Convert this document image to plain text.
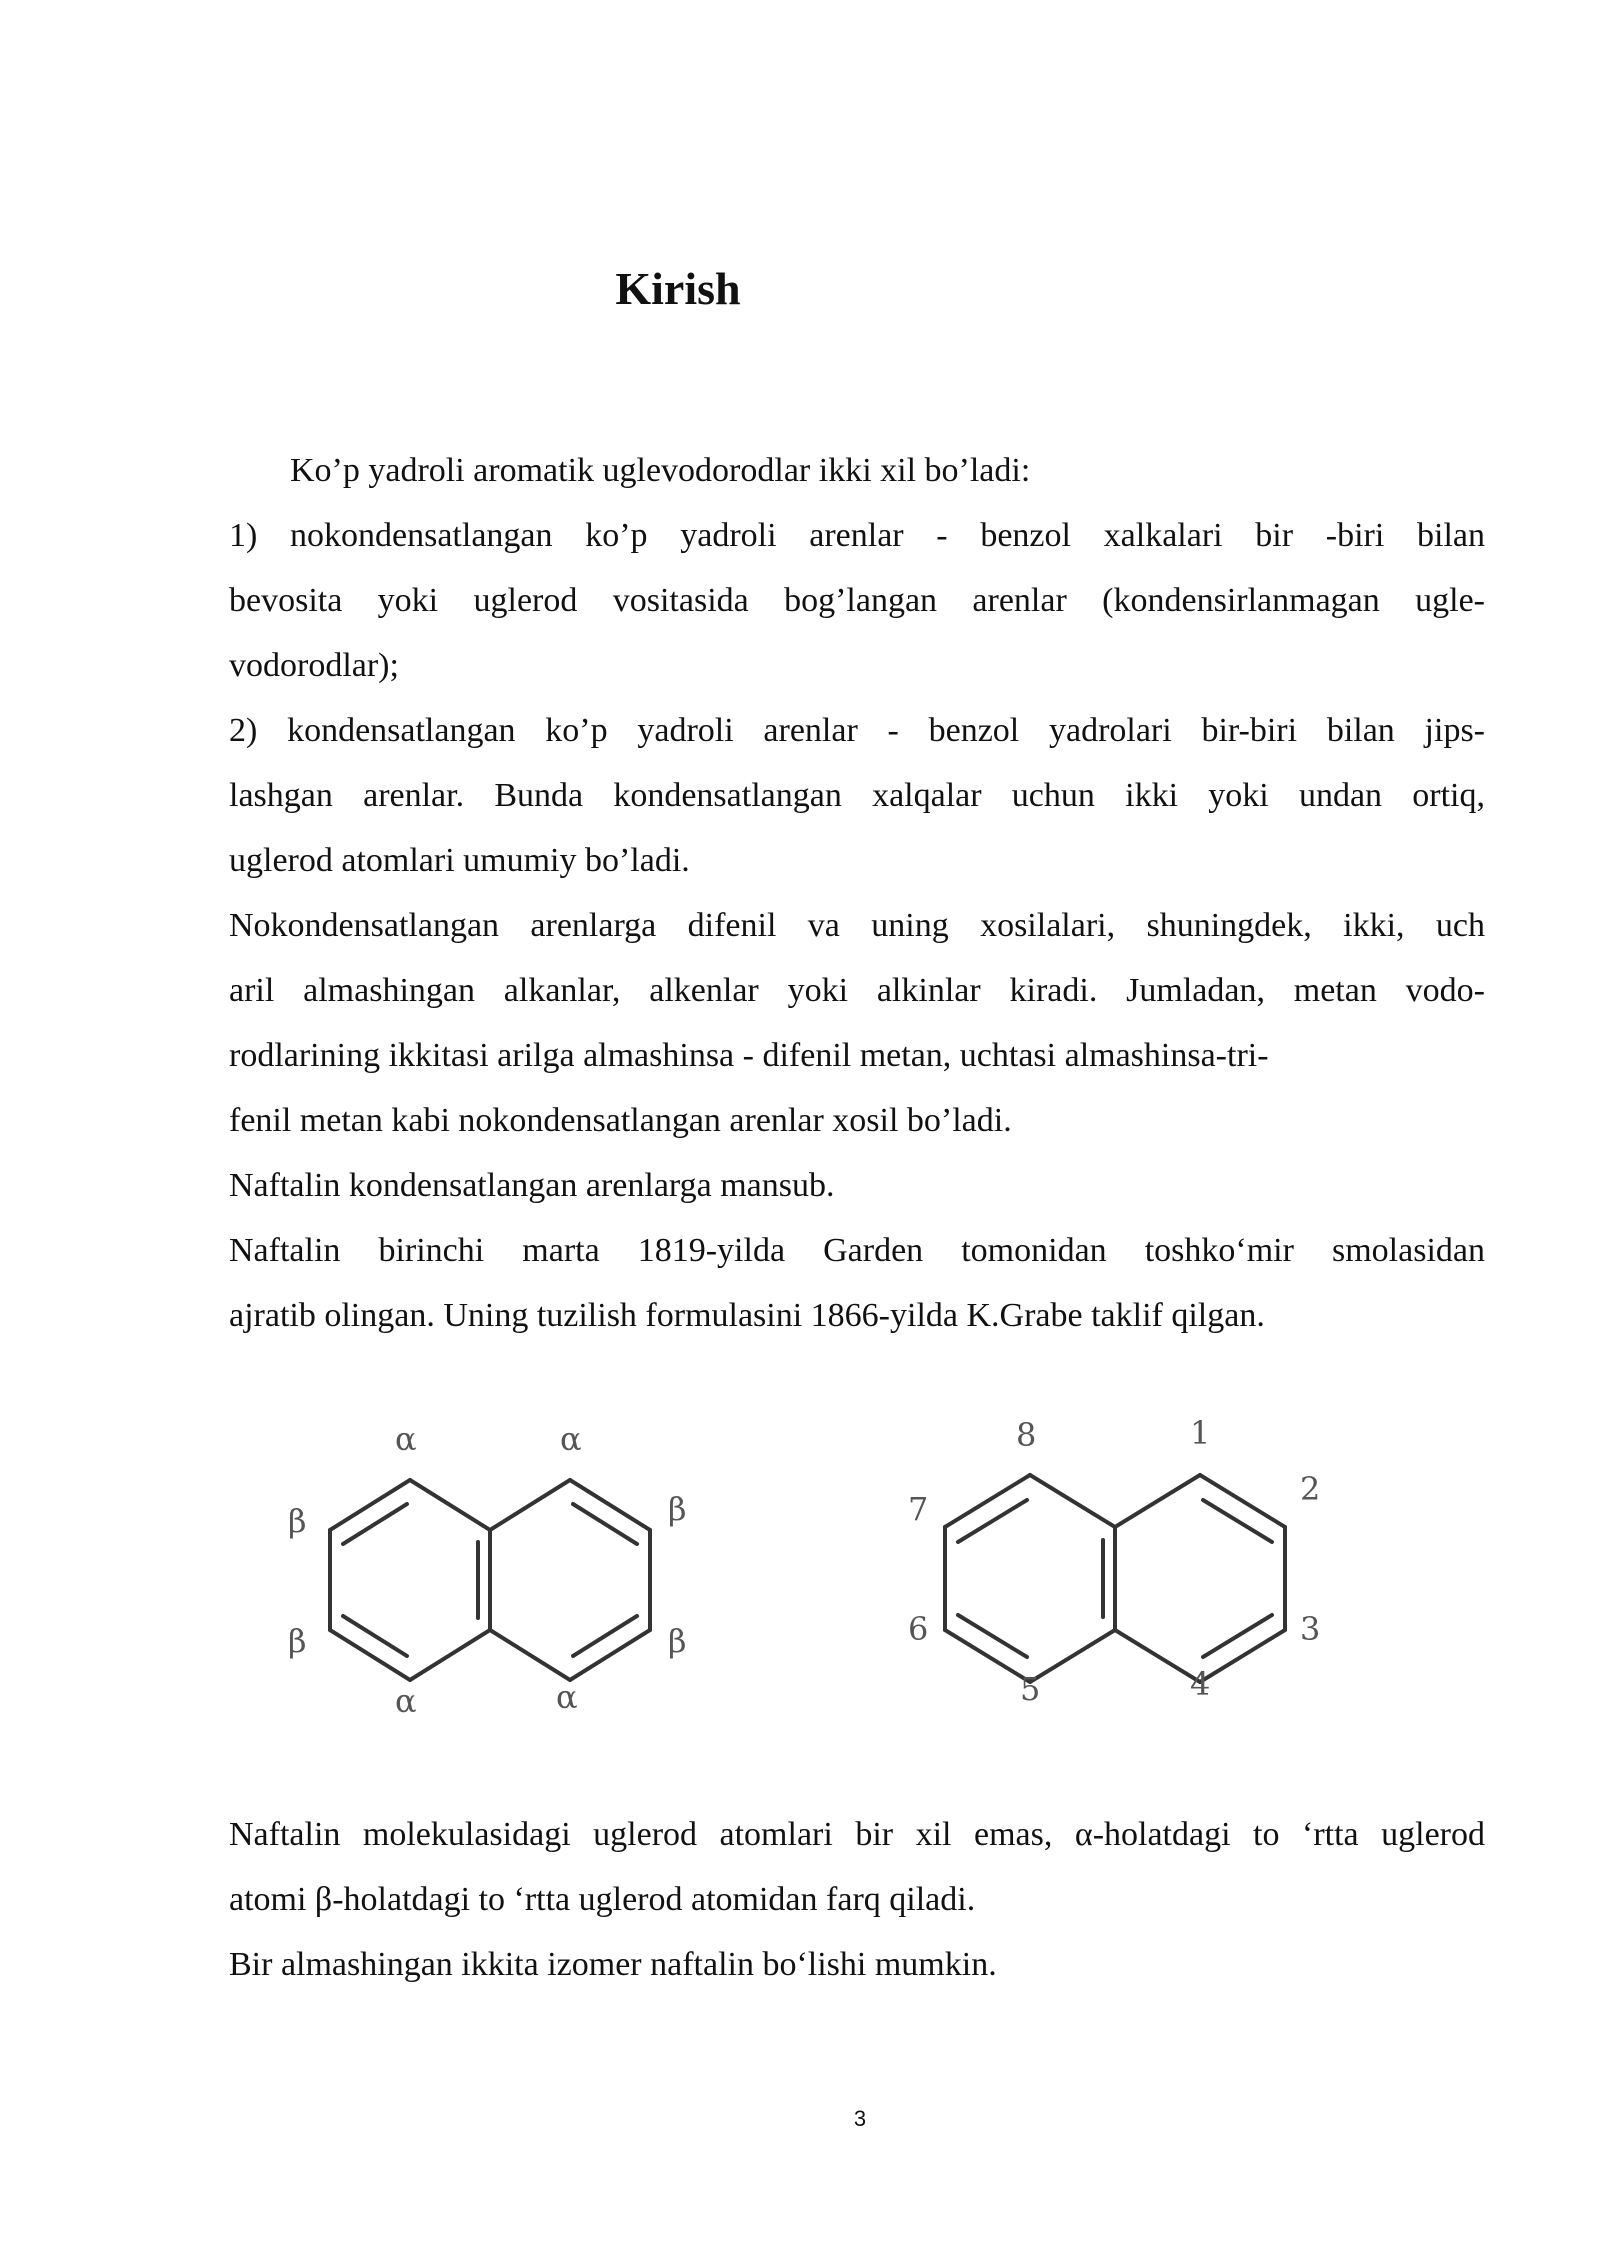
Kirish

Ko’p yadroli aromatik uglevodorodlar ikki xil bo’ladi:

1) nokondensatlangan ko’p yadroli arenlar - benzol xalkalari bir -biri bilan

bevosita yoki uglerod vositasida bog’langan arenlar (kondensirlanmagan ugle-

vodorodlar);

2) kondensatlangan ko’p yadroli arenlar - benzol yadrolari bir-biri bilan jips-

lashgan arenlar. Bunda kondensatlangan xalqalar uchun ikki yoki undan ortiq,

uglerod atomlari umumiy bo’ladi.

Nokondensatlangan arenlarga difenil va uning xosilalari, shuningdek, ikki, uch

aril almashingan alkanlar, alkenlar yoki alkinlar kiradi. Jumladan, metan vodo-

rodlarining ikkitasi arilga almashinsa - difenil metan, uchtasi almashinsa-tri-

fenil metan kabi nokondensatlangan arenlar xosil bo’ladi.

Naftalin kondensatlangan arenlarga mansub.

Naftalin birinchi marta 1819-yilda Garden tomonidan toshko‘mir smolasidan

ajratib olingan. Uning tuzilish formulasini 1866-yilda K.Grabe taklif qilgan.

α	α
β
β
α
α
β
β
8	1
2
3
4
5
6
7

Naftalin molekulasidagi uglerod atomlari bir xil emas, α-holatdagi to ‘rtta uglerod

atomi β-holatdagi to ‘rtta uglerod atomidan farq qiladi.

Bir almashingan ikkita izomer naftalin bo‘lishi mumkin.

3
